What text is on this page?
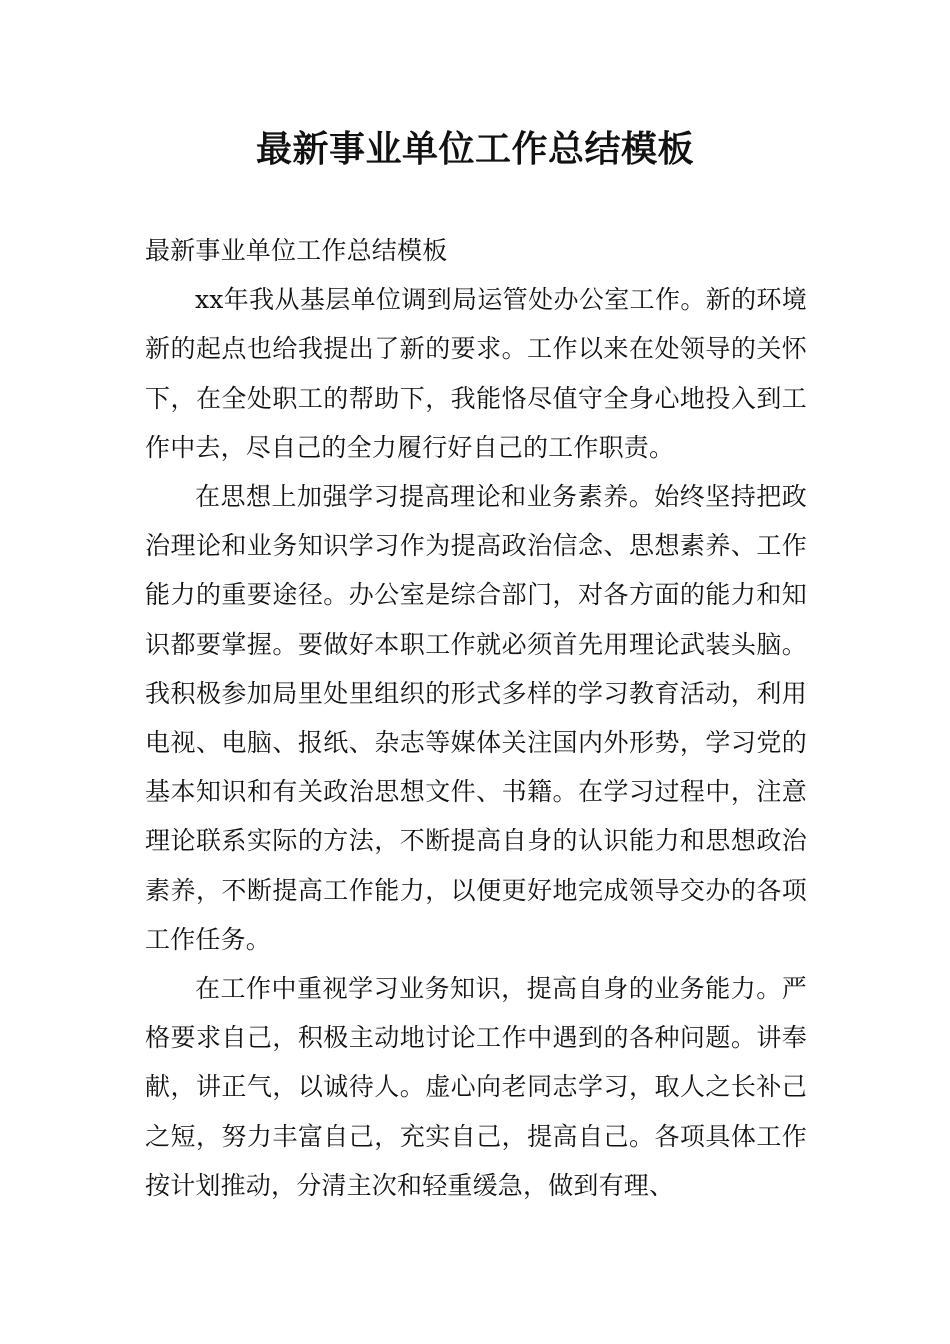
最新事业单位工作总结模板

最新事业单位工作总结模板

xx年我从基层单位调到局运管处办公室工作。新的环境新的起点也给我提出了新的要求。工作以来在处领导的关怀下，在全处职工的帮助下，我能恪尽值守全身心地投入到工作中去，尽自己的全力履行好自己的工作职责。

在思想上加强学习提高理论和业务素养。始终坚持把政治理论和业务知识学习作为提高政治信念、思想素养、工作能力的重要途径。办公室是综合部门，对各方面的能力和知识都要掌握。要做好本职工作就必须首先用理论武装头脑。我积极参加局里处里组织的形式多样的学习教育活动，利用电视、电脑、报纸、杂志等媒体关注国内外形势，学习党的基本知识和有关政治思想文件、书籍。在学习过程中，注意理论联系实际的方法，不断提高自身的认识能力和思想政治素养，不断提高工作能力，以便更好地完成领导交办的各项工作任务。

在工作中重视学习业务知识，提高自身的业务能力。严格要求自己，积极主动地讨论工作中遇到的各种问题。讲奉献，讲正气，以诚待人。虚心向老同志学习，取人之长补己之短，努力丰富自己，充实自己，提高自己。各项具体工作按计划推动，分清主次和轻重缓急，做到有理、
